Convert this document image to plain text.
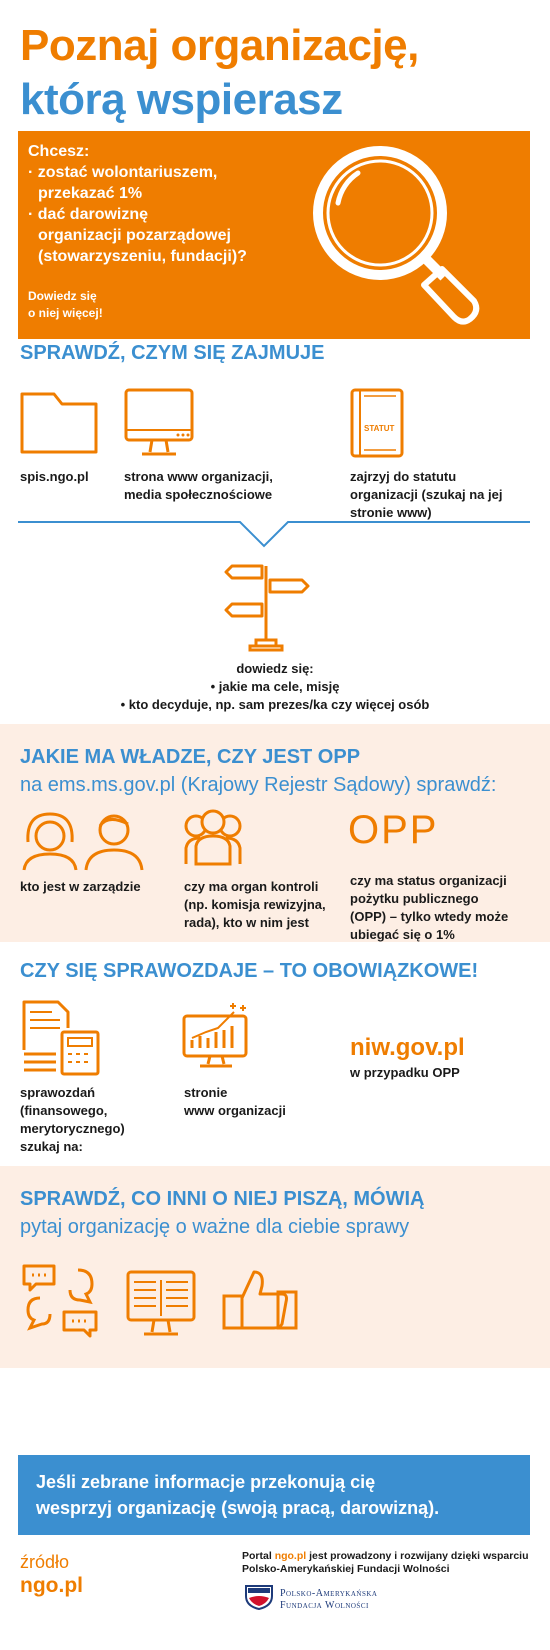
Poznaj organizację,
którą wspierasz
Chcesz:
· zostać wolontariuszem,
przekazać 1%
· dać darowiznę
organizacji pozarządowej
(stowarzyszeniu, fundacji)?
Dowiedz się
o niej więcej!
SPRAWDŹ, CZYM SIĘ ZAJMUJE
spis.ngo.pl	strona www organizacji,
media społecznościowe
STATUT
zajrzyj do statutu
organizacji (szukaj na jej
stronie www)
dowiedz się:
• jakie ma cele, misję
• kto decyduje, np. sam prezes/ka czy więcej osób
JAKIE MA WŁADZE, CZY JEST OPP
na ems.ms.gov.pl (Krajowy Rejestr Sądowy) sprawdź:
kto jest w zarządzie	czy ma organ kontroli
(np. komisja rewizyjna,
rada), kto w nim jest
OPP
czy ma status organizacji
pożytku publicznego
(OPP) – tylko wtedy może
ubiegać się o 1%
CZY SIĘ SPRAWOZDAJE – TO OBOWIĄZKOWE!
sprawozdań
(finansowego,
merytorycznego)
szukaj na:
stronie
www organizacji
niw.gov.pl
w przypadku OPP
SPRAWDŹ, CO INNI O NIEJ PISZĄ, MÓWIĄ
pytaj organizację o ważne dla ciebie sprawy
Jeśli zebrane informacje przekonują cię
wesprzyj organizację (swoją pracą, darowizną).
źródło
ngo.pl
Portal ngo.pl jest prowadzony i rozwijany dzięki wsparciu
Polsko-Amerykańskiej Fundacji Wolności
Polsko-Amerykańska
Fundacja Wolności
